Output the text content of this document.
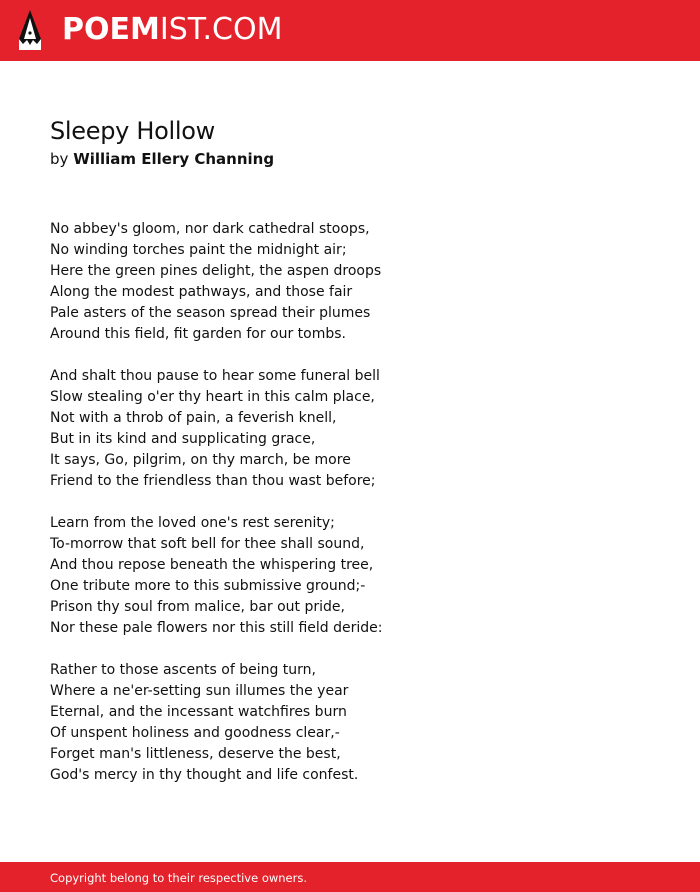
POEMIST.COM
Sleepy Hollow
by William Ellery Channing
No abbey's gloom, nor dark cathedral stoops,
No winding torches paint the midnight air;
Here the green pines delight, the aspen droops
Along the modest pathways, and those fair
Pale asters of the season spread their plumes
Around this field, fit garden for our tombs.
And shalt thou pause to hear some funeral bell
Slow stealing o'er thy heart in this calm place,
Not with a throb of pain, a feverish knell,
But in its kind and supplicating grace,
It says, Go, pilgrim, on thy march, be more
Friend to the friendless than thou wast before;
Learn from the loved one's rest serenity;
To-morrow that soft bell for thee shall sound,
And thou repose beneath the whispering tree,
One tribute more to this submissive ground;-
Prison thy soul from malice, bar out pride,
Nor these pale flowers nor this still field deride:
Rather to those ascents of being turn,
Where a ne'er-setting sun illumes the year
Eternal, and the incessant watchfires burn
Of unspent holiness and goodness clear,-
Forget man's littleness, deserve the best,
God's mercy in thy thought and life confest.
Copyright belong to their respective owners.
